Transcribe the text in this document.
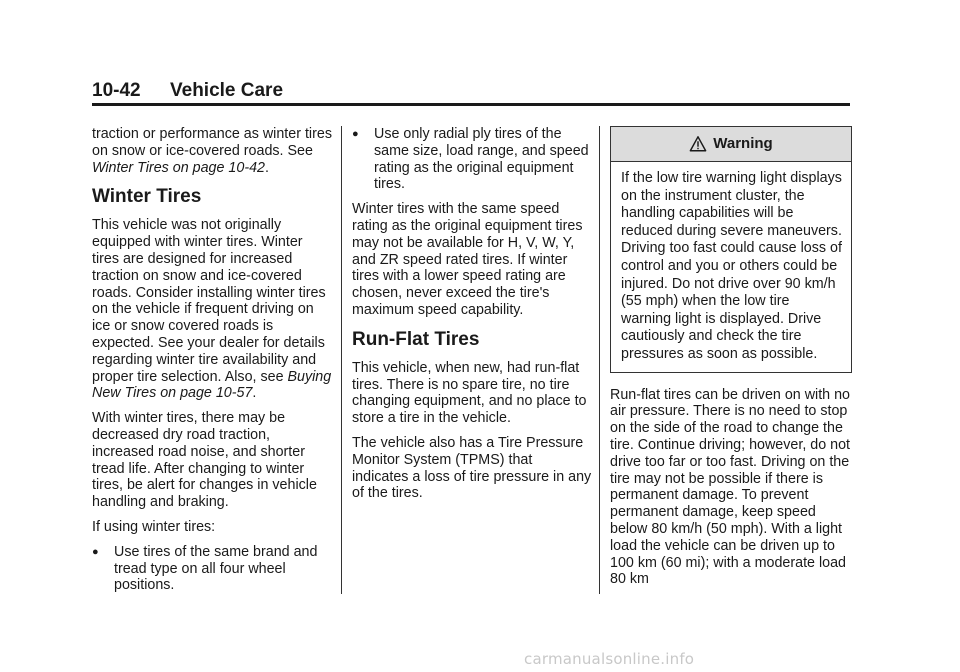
10-42	Vehicle Care

traction or performance as winter tires on snow or ice-covered roads. See Winter Tires on page 10-42.

Winter Tires

This vehicle was not originally equipped with winter tires. Winter tires are designed for increased traction on snow and ice-covered roads. Consider installing winter tires on the vehicle if frequent driving on ice or snow covered roads is expected. See your dealer for details regarding winter tire availability and proper tire selection. Also, see Buying New Tires on page 10-57.

With winter tires, there may be decreased dry road traction, increased road noise, and shorter tread life. After changing to winter tires, be alert for changes in vehicle handling and braking.

If using winter tires:

●	Use tires of the same brand and tread type on all four wheel positions.
●	Use only radial ply tires of the same size, load range, and speed rating as the original equipment tires.

Winter tires with the same speed rating as the original equipment tires may not be available for H, V, W, Y, and ZR speed rated tires. If winter tires with a lower speed rating are chosen, never exceed the tire's maximum speed capability.

Run-Flat Tires

This vehicle, when new, had run-flat tires. There is no spare tire, no tire changing equipment, and no place to store a tire in the vehicle.

The vehicle also has a Tire Pressure Monitor System (TPMS) that indicates a loss of tire pressure in any of the tires.

Warning
If the low tire warning light displays on the instrument cluster, the handling capabilities will be reduced during severe maneuvers. Driving too fast could cause loss of control and you or others could be injured. Do not drive over 90 km/h (55 mph) when the low tire warning light is displayed. Drive cautiously and check the tire pressures as soon as possible.

Run-flat tires can be driven on with no air pressure. There is no need to stop on the side of the road to change the tire. Continue driving; however, do not drive too far or too fast. Driving on the tire may not be possible if there is permanent damage. To prevent permanent damage, keep speed below 80 km/h (50 mph). With a light load the vehicle can be driven up to 100 km (60 mi); with a moderate load 80 km

carmanualsonline.info
